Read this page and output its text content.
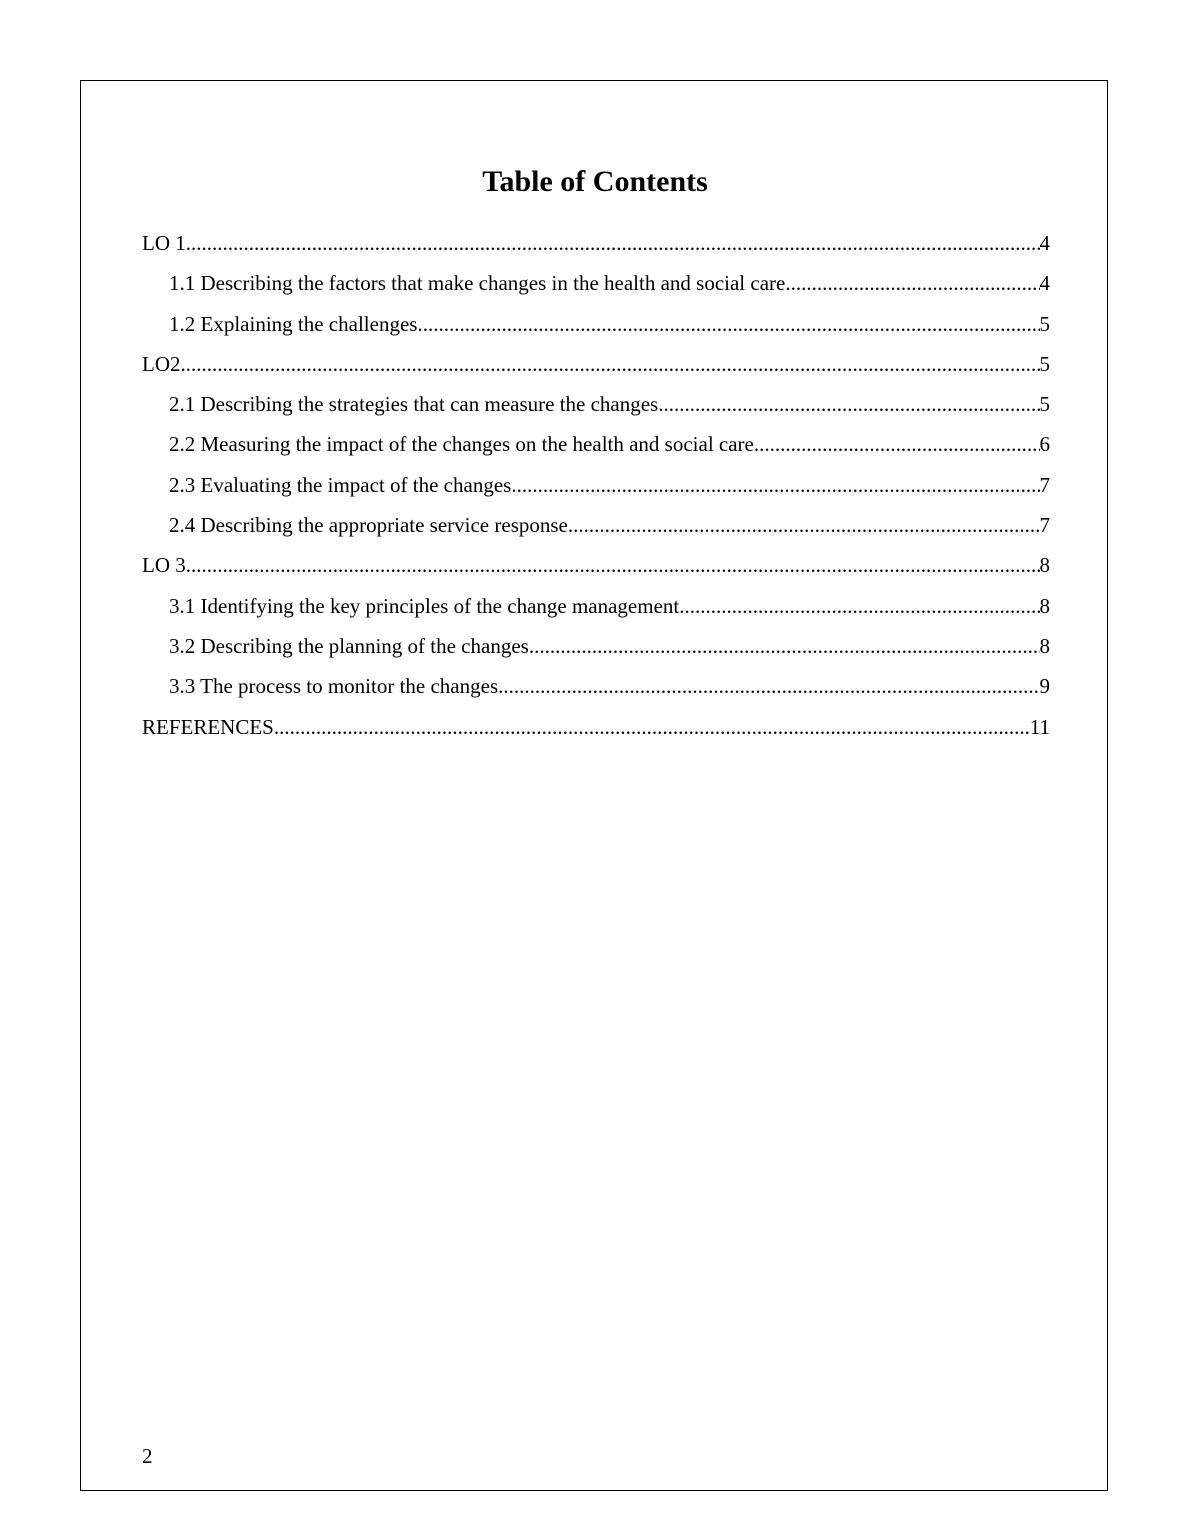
Table of Contents
LO 1 .....	4
1.1 Describing the factors that make changes in the health and social care .....	4
1.2 Explaining the challenges .....	5
LO2 .....	5
2.1 Describing the strategies that can measure the changes .....	5
2.2 Measuring the impact of the changes on the health and social care .....	6
2.3 Evaluating the impact of the changes .....	7
2.4 Describing the appropriate service response .....	7
LO 3 .....	8
3.1 Identifying the key principles of the change management .....	8
3.2 Describing the planning of the changes .....	8
3.3 The process to monitor the changes .....	9
REFERENCES .....	11
2
